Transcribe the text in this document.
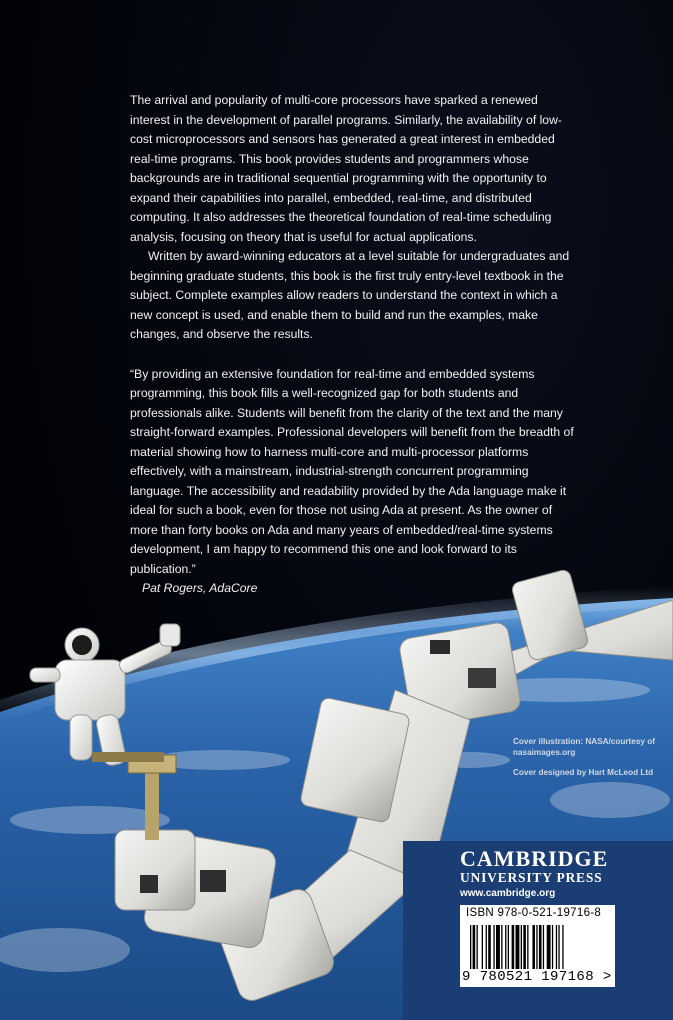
The arrival and popularity of multi-core processors have sparked a renewed interest in the development of parallel programs. Similarly, the availability of low-cost microprocessors and sensors has generated a great interest in embedded real-time programs. This book provides students and programmers whose backgrounds are in traditional sequential programming with the opportunity to expand their capabilities into parallel, embedded, real-time, and distributed computing. It also addresses the theoretical foundation of real-time scheduling analysis, focusing on theory that is useful for actual applications.

Written by award-winning educators at a level suitable for undergraduates and beginning graduate students, this book is the first truly entry-level textbook in the subject. Complete examples allow readers to understand the context in which a new concept is used, and enable them to build and run the examples, make changes, and observe the results.

“By providing an extensive foundation for real-time and embedded systems programming, this book fills a well-recognized gap for both students and professionals alike. Students will benefit from the clarity of the text and the many straight-forward examples. Professional developers will benefit from the breadth of material showing how to harness multi-core and multi-processor platforms effectively, with a mainstream, industrial-strength concurrent programming language. The accessibility and readability provided by the Ada language make it ideal for such a book, even for those not using Ada at present. As the owner of more than forty books on Ada and many years of embedded/real-time systems development, I am happy to recommend this one and look forward to its publication.”

Pat Rogers, AdaCore

Cover illustration: NASA/courtesy of nasaimages.org
Cover designed by Hart McLeod Ltd
CAMBRIDGE
UNIVERSITY PRESS
www.cambridge.org
ISBN 978-0-521-19716-8
9 780521 197168 >
